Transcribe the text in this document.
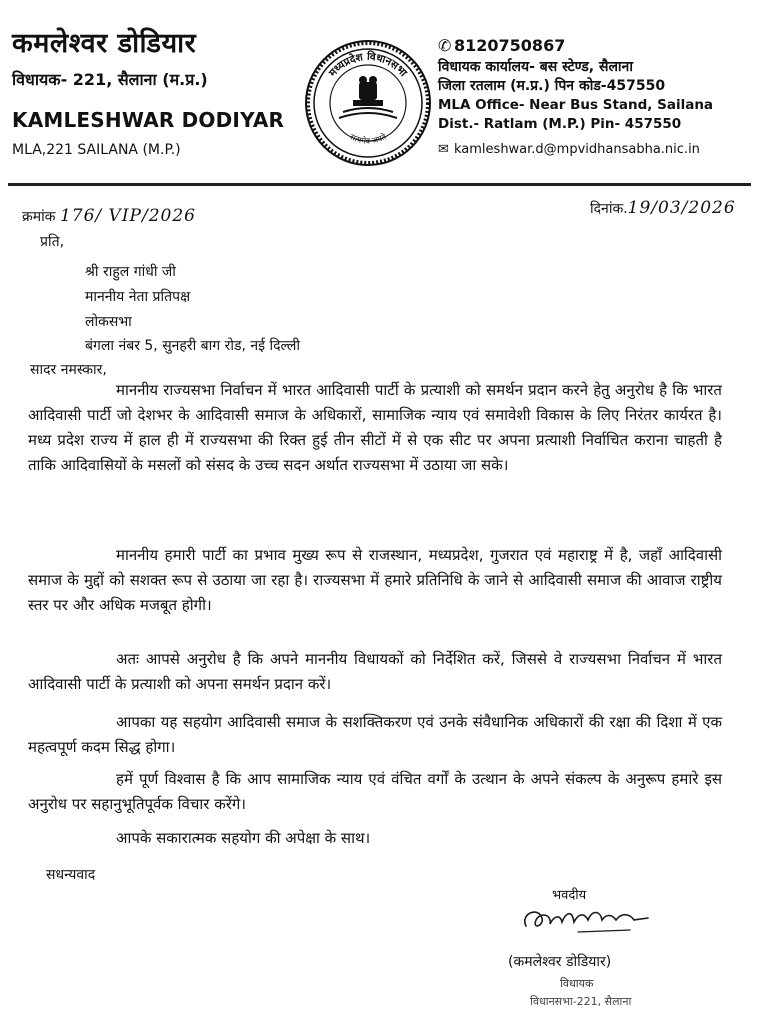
कमलेश्वर डोडियार
विधायक- 221, सैलाना (म.प्र.)
KAMLESHWAR DODIYAR
MLA,221 SAILANA (M.P.)
मध्यप्रदेश विधानसभा
सत्यमेव जयते
✆ 8120750867
विधायक कार्यालय- बस स्टेण्ड, सैलाना
जिला रतलाम (म.प्र.) पिन कोड-457550
MLA Office- Near Bus Stand, Sailana
Dist.- Ratlam (M.P.) Pin- 457550
✉ kamleshwar.d@mpvidhansabha.nic.in
क्रमांक 176/ VIP/2026	दिनांक.19/03/2026
प्रति,
श्री राहुल गांधी जी
माननीय नेता प्रतिपक्ष
लोकसभा
बंगला नंबर 5, सुनहरी बाग रोड, नई दिल्ली
सादर नमस्कार,

माननीय राज्यसभा निर्वाचन में भारत आदिवासी पार्टी के प्रत्याशी को समर्थन प्रदान करने हेतु अनुरोध है कि भारत आदिवासी पार्टी जो देशभर के आदिवासी समाज के अधिकारों, सामाजिक न्याय एवं समावेशी विकास के लिए निरंतर कार्यरत है। मध्य प्रदेश राज्य में हाल ही में राज्यसभा की रिक्त हुई तीन सीटों में से एक सीट पर अपना प्रत्याशी निर्वाचित कराना चाहती है ताकि आदिवासियों के मसलों को संसद के उच्च सदन अर्थात राज्यसभा में उठाया जा सके।

माननीय हमारी पार्टी का प्रभाव मुख्य रूप से राजस्थान, मध्यप्रदेश, गुजरात एवं महाराष्ट्र में है, जहाँ आदिवासी समाज के मुद्दों को सशक्त रूप से उठाया जा रहा है। राज्यसभा में हमारे प्रतिनिधि के जाने से आदिवासी समाज की आवाज राष्ट्रीय स्तर पर और अधिक मजबूत होगी।

अतः आपसे अनुरोध है कि अपने माननीय विधायकों को निर्देशित करें, जिससे वे राज्यसभा निर्वाचन में भारत आदिवासी पार्टी के प्रत्याशी को अपना समर्थन प्रदान करें।

आपका यह सहयोग आदिवासी समाज के सशक्तिकरण एवं उनके संवैधानिक अधिकारों की रक्षा की दिशा में एक महत्वपूर्ण कदम सिद्ध होगा।

हमें पूर्ण विश्वास है कि आप सामाजिक न्याय एवं वंचित वर्गों के उत्थान के अपने संकल्प के अनुरूप हमारे इस अनुरोध पर सहानुभूतिपूर्वक विचार करेंगे।

आपके सकारात्मक सहयोग की अपेक्षा के साथ।

सधन्यवाद
भवदीय
(कमलेश्वर डोडियार)
विधायक
विधानसभा-221, सैलाना
